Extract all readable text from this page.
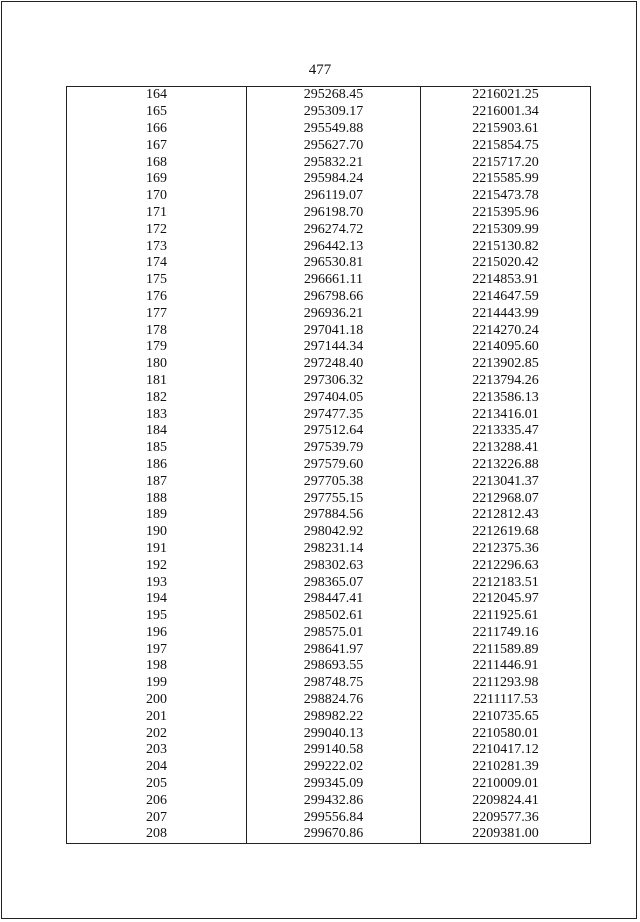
477
164	295268.45	2216021.25
165	295309.17	2216001.34
166	295549.88	2215903.61
167	295627.70	2215854.75
168	295832.21	2215717.20
169	295984.24	2215585.99
170	296119.07	2215473.78
171	296198.70	2215395.96
172	296274.72	2215309.99
173	296442.13	2215130.82
174	296530.81	2215020.42
175	296661.11	2214853.91
176	296798.66	2214647.59
177	296936.21	2214443.99
178	297041.18	2214270.24
179	297144.34	2214095.60
180	297248.40	2213902.85
181	297306.32	2213794.26
182	297404.05	2213586.13
183	297477.35	2213416.01
184	297512.64	2213335.47
185	297539.79	2213288.41
186	297579.60	2213226.88
187	297705.38	2213041.37
188	297755.15	2212968.07
189	297884.56	2212812.43
190	298042.92	2212619.68
191	298231.14	2212375.36
192	298302.63	2212296.63
193	298365.07	2212183.51
194	298447.41	2212045.97
195	298502.61	2211925.61
196	298575.01	2211749.16
197	298641.97	2211589.89
198	298693.55	2211446.91
199	298748.75	2211293.98
200	298824.76	2211117.53
201	298982.22	2210735.65
202	299040.13	2210580.01
203	299140.58	2210417.12
204	299222.02	2210281.39
205	299345.09	2210009.01
206	299432.86	2209824.41
207	299556.84	2209577.36
208	299670.86	2209381.00
